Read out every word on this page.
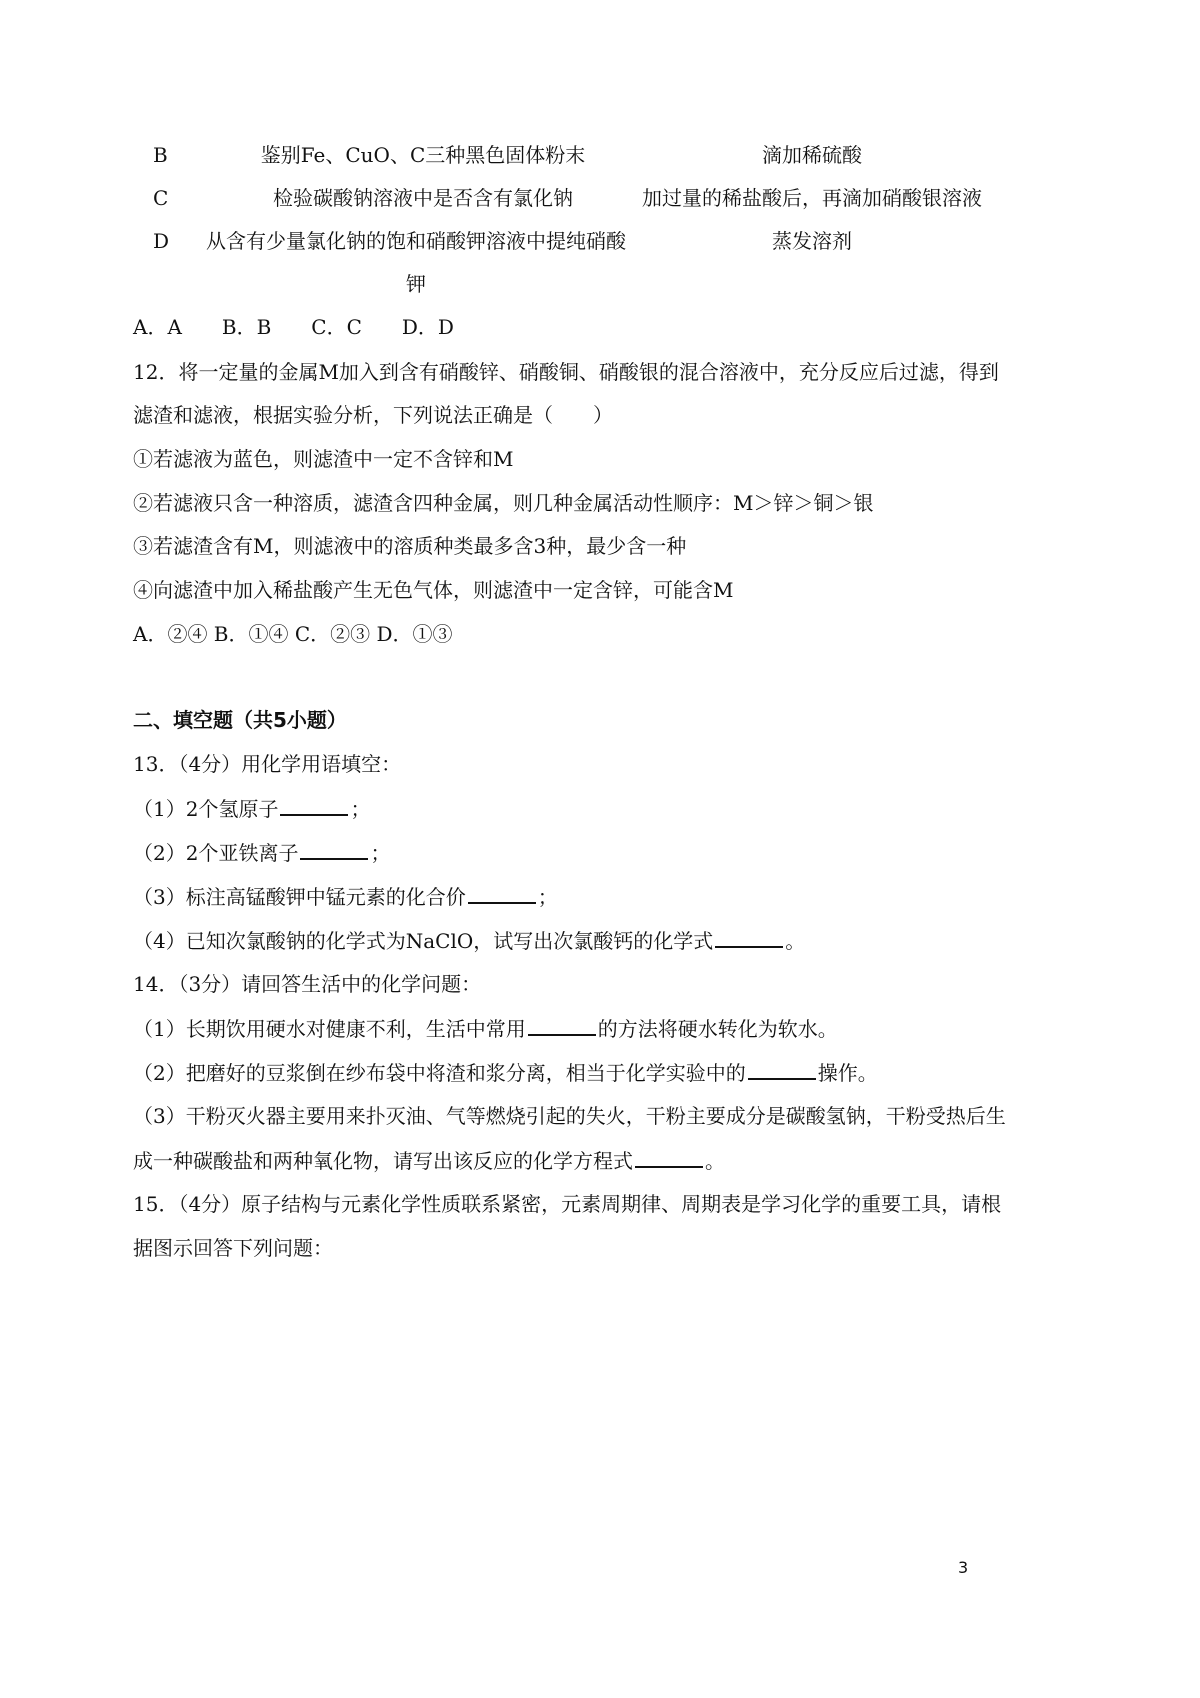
B	鉴别Fe、CuO、C三种黑色固体粉末	滴加稀硫酸
C	检验碳酸钠溶液中是否含有氯化钠	加过量的稀盐酸后，再滴加硝酸银溶液
D 从含有少量氯化钠的饱和硝酸钾溶液中提纯硝酸	蒸发溶剂
钾
A．A　　B．B　　C．C　　D．D
12．将一定量的金属M加入到含有硝酸锌、硝酸铜、硝酸银的混合溶液中，充分反应后过滤，得到
滤渣和滤液，根据实验分析，下列说法正确是（　　）
①若滤液为蓝色，则滤渣中一定不含锌和M
②若滤液只含一种溶质，滤渣含四种金属，则几种金属活动性顺序：M＞锌＞铜＞银
③若滤渣含有M，则滤液中的溶质种类最多含3种，最少含一种
④向滤渣中加入稀盐酸产生无色气体，则滤渣中一定含锌，可能含M
A．②④ B．①④ C．②③ D．①③
二、填空题（共5小题）
13．（4分）用化学用语填空：
（1）2个氢原子	；
（2）2个亚铁离子	；
（3）标注高锰酸钾中锰元素的化合价	；
（4）已知次氯酸钠的化学式为NaClO，试写出次氯酸钙的化学式	。
14．（3分）请回答生活中的化学问题：
（1）长期饮用硬水对健康不利，生活中常用	的方法将硬水转化为软水。
（2）把磨好的豆浆倒在纱布袋中将渣和浆分离，相当于化学实验中的	操作。
（3）干粉灭火器主要用来扑灭油、气等燃烧引起的失火，干粉主要成分是碳酸氢钠，干粉受热后生
成一种碳酸盐和两种氧化物，请写出该反应的化学方程式	。
15．（4分）原子结构与元素化学性质联系紧密，元素周期律、周期表是学习化学的重要工具，请根
据图示回答下列问题：
3
